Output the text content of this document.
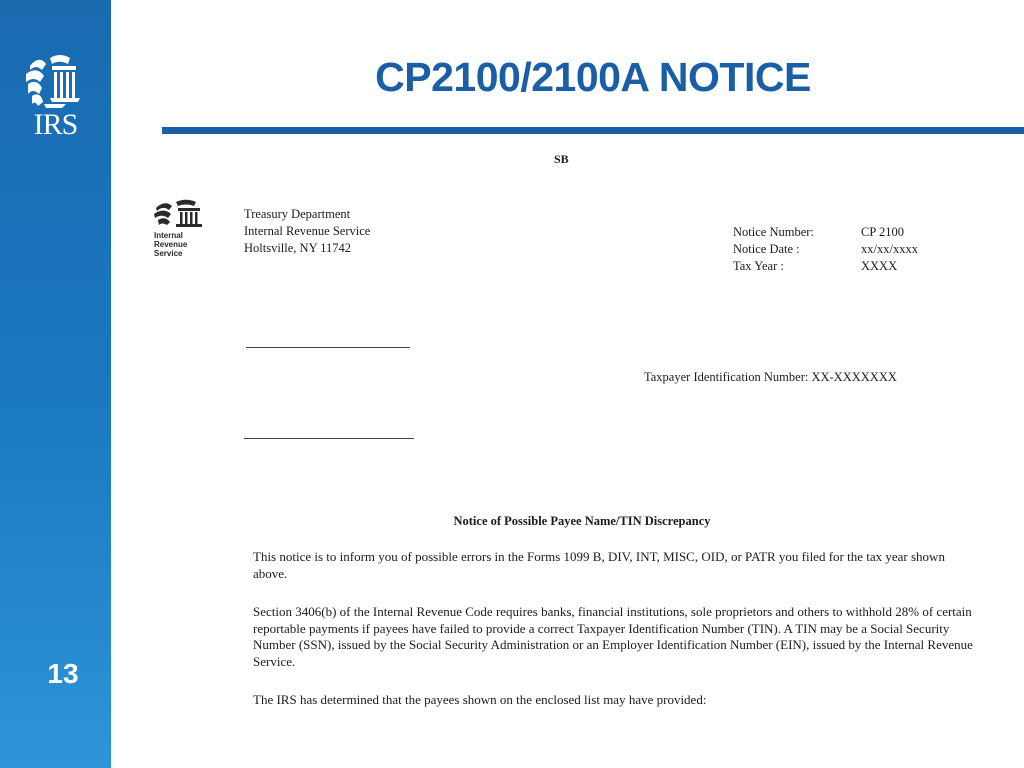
IRS
13
CP2100/2100A NOTICE
SB
Internal
Revenue
Service
Treasury Department
Internal Revenue Service
Holtsville, NY 11742
Notice Number:	CP 2100
Notice Date :	xx/xx/xxxx
Tax Year :	XXXX
Taxpayer Identification Number: XX-XXXXXXX
Notice of Possible Payee Name/TIN Discrepancy
This notice is to inform you of possible errors in the Forms 1099 B, DIV, INT, MISC, OID, or PATR you filed for the tax year shown above.
Section 3406(b) of the Internal Revenue Code requires banks, financial institutions, sole proprietors and others to withhold 28% of certain reportable payments if payees have failed to provide a correct Taxpayer Identification Number (TIN). A TIN may be a Social Security Number (SSN), issued by the Social Security Administration or an Employer Identification Number (EIN), issued by the Internal Revenue Service.
The IRS has determined that the payees shown on the enclosed list may have provided:
